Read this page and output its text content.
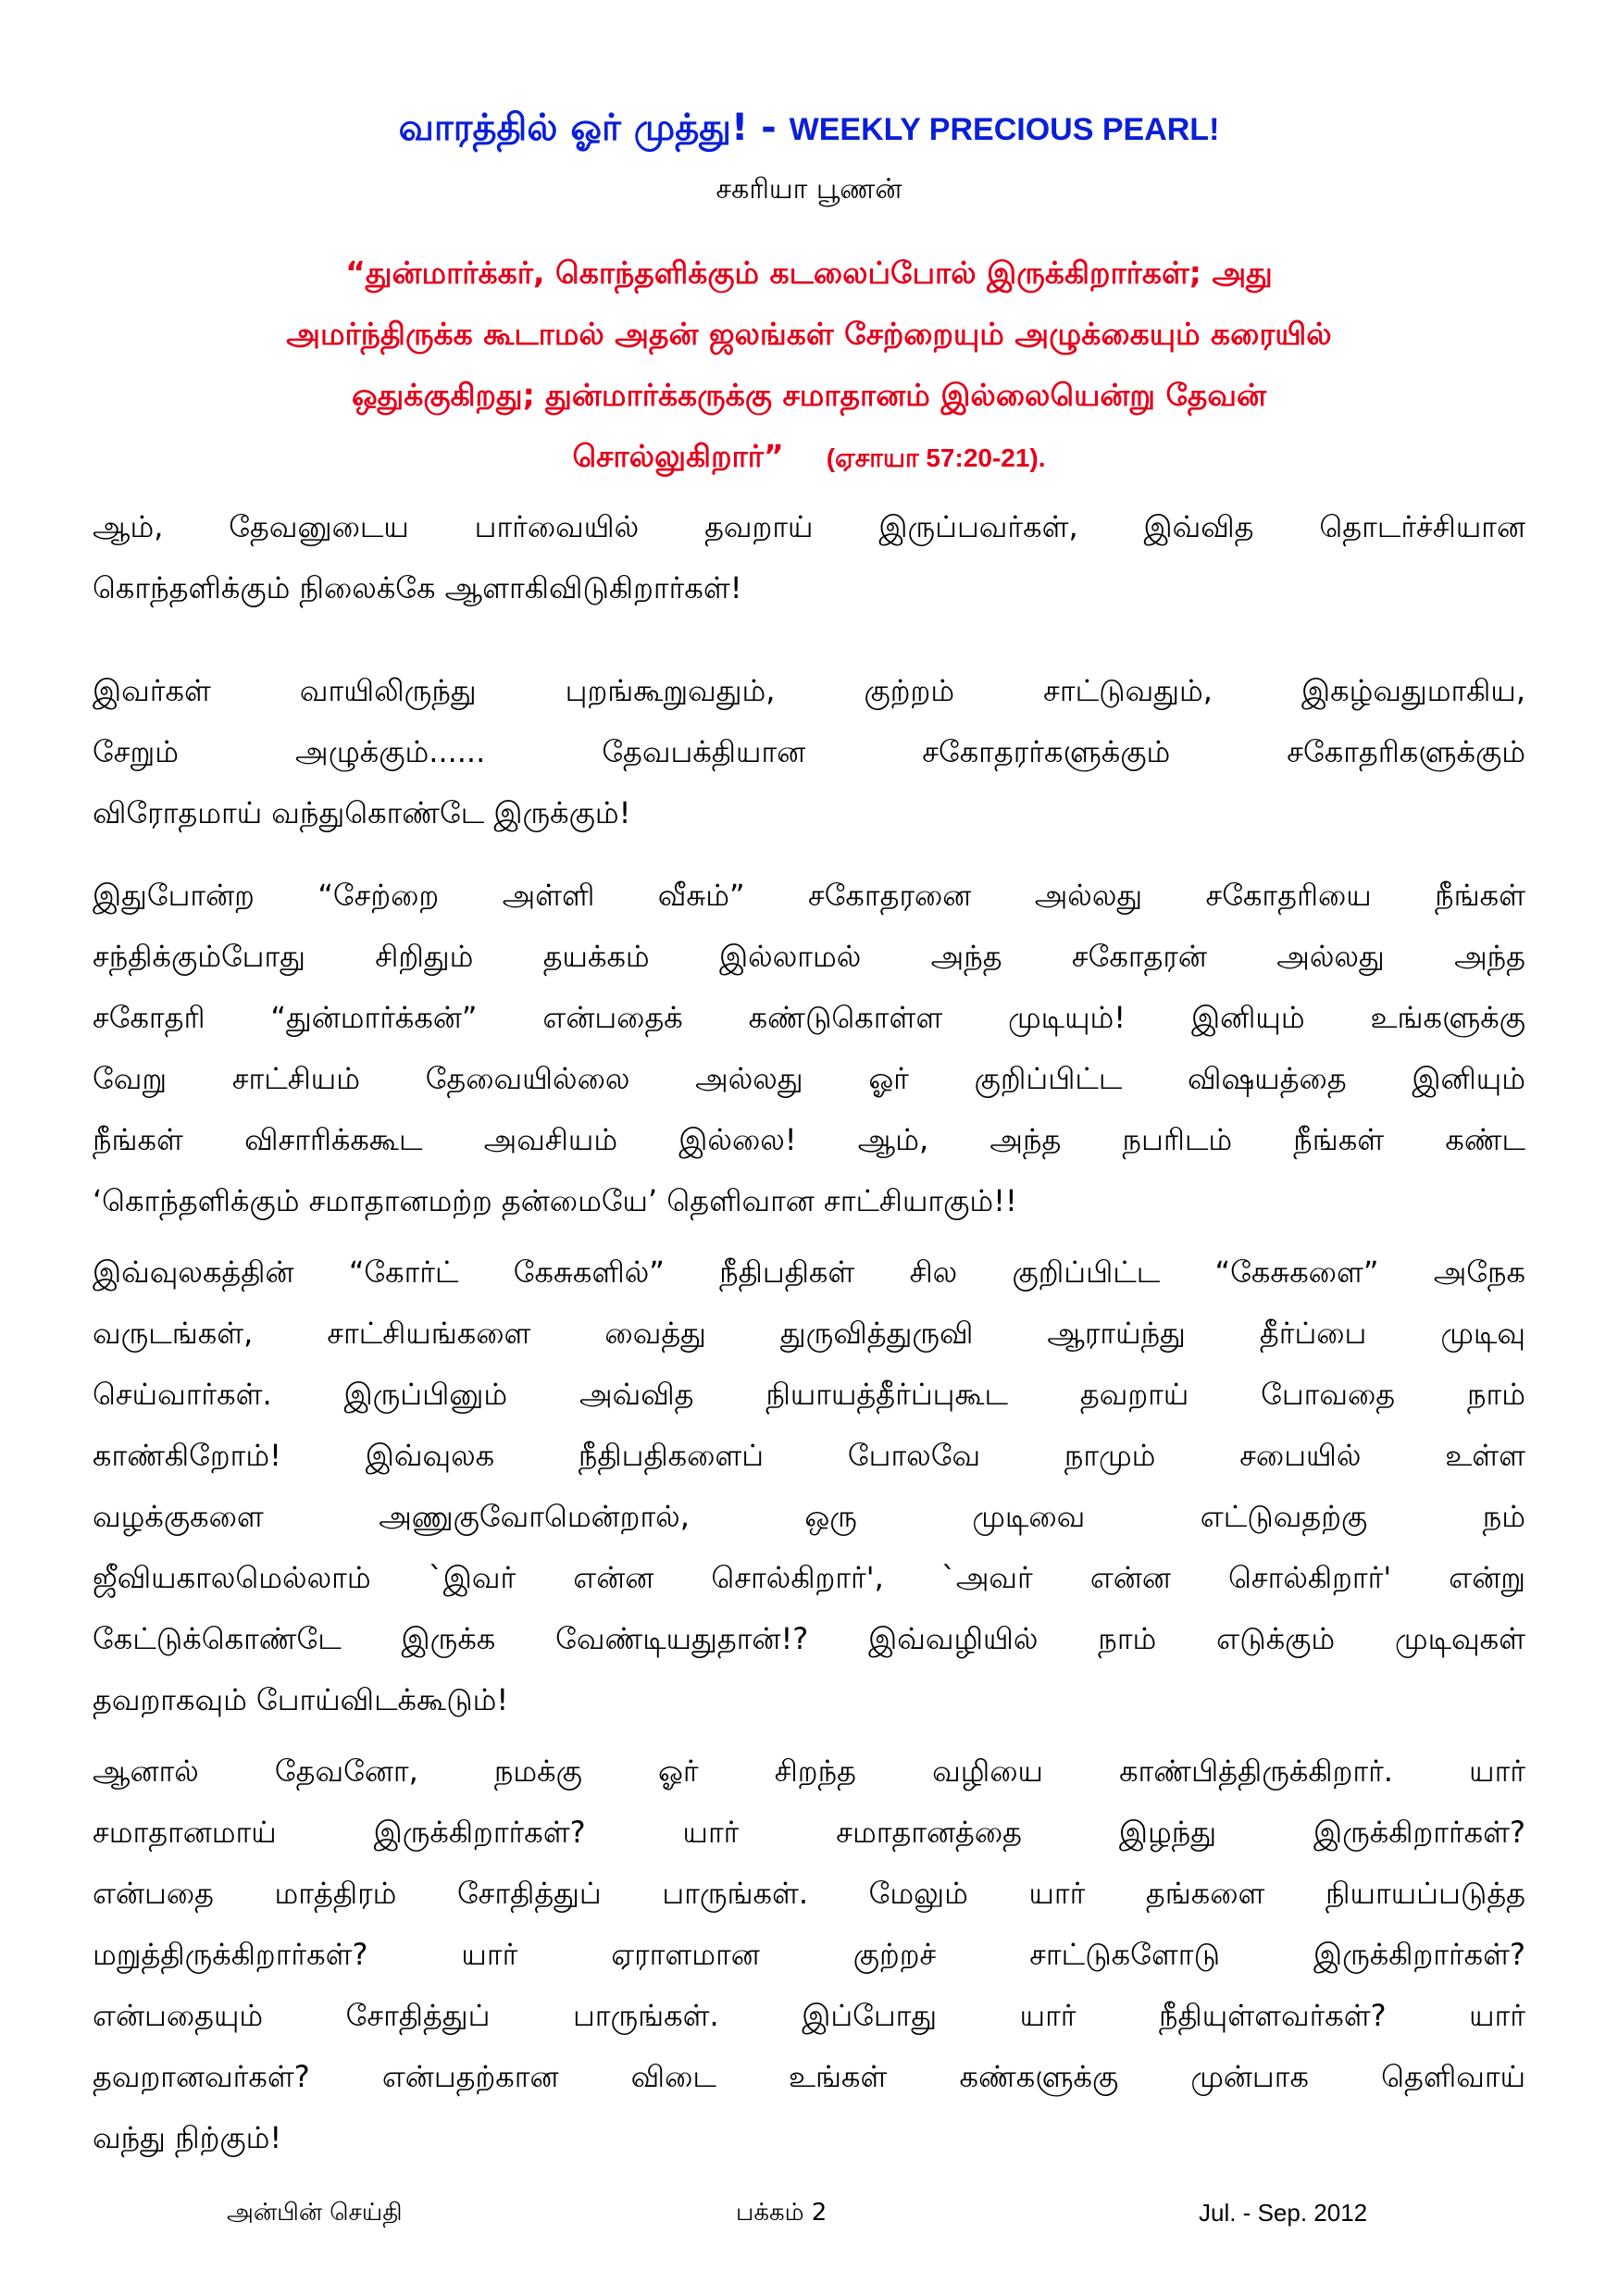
வாரத்தில் ஓர் முத்து! - WEEKLY PRECIOUS PEARL!
சகரியா பூணன்
“துன்மார்க்கர், கொந்தளிக்கும் கடலைப்போல் இருக்கிறார்கள்; அது
அமர்ந்திருக்க கூடாமல் அதன் ஜலங்கள் சேற்றையும் அழுக்கையும் கரையில்
ஒதுக்குகிறது; துன்மார்க்கருக்கு சமாதானம் இல்லையென்று தேவன்
சொல்லுகிறார்” (ஏசாயா 57:20-21).
ஆம், தேவனுடைய பார்வையில் தவறாய் இருப்பவர்கள், இவ்வித தொடர்ச்சியான
கொந்தளிக்கும் நிலைக்கே ஆளாகிவிடுகிறார்கள்!
இவர்கள் வாயிலிருந்து புறங்கூறுவதும், குற்றம் சாட்டுவதும், இகழ்வதுமாகிய,
சேறும் அழுக்கும்...... தேவபக்தியான சகோதரர்களுக்கும் சகோதரிகளுக்கும்
விரோதமாய் வந்துகொண்டே இருக்கும்!
இதுபோன்ற “சேற்றை அள்ளி வீசும்” சகோதரனை அல்லது சகோதரியை நீங்கள்
சந்திக்கும்போது சிறிதும் தயக்கம் இல்லாமல் அந்த சகோதரன் அல்லது அந்த
சகோதரி “துன்மார்க்கன்” என்பதைக் கண்டுகொள்ள முடியும்! இனியும் உங்களுக்கு
வேறு சாட்சியம் தேவையில்லை அல்லது ஓர் குறிப்பிட்ட விஷயத்தை இனியும்
நீங்கள் விசாரிக்ககூட அவசியம் இல்லை! ஆம், அந்த நபரிடம் நீங்கள் கண்ட
‘கொந்தளிக்கும் சமாதானமற்ற தன்மையே’ தெளிவான சாட்சியாகும்!!
இவ்வுலகத்தின் “கோர்ட் கேசுகளில்” நீதிபதிகள் சில குறிப்பிட்ட “கேசுகளை” அநேக
வருடங்கள், சாட்சியங்களை வைத்து துருவித்துருவி ஆராய்ந்து தீர்ப்பை முடிவு
செய்வார்கள். இருப்பினும் அவ்வித நியாயத்தீர்ப்புகூட தவறாய் போவதை நாம்
காண்கிறோம்! இவ்வுலக நீதிபதிகளைப் போலவே நாமும் சபையில் உள்ள
வழக்குகளை அணுகுவோமென்றால், ஒரு முடிவை எட்டுவதற்கு நம்
ஜீவியகாலமெல்லாம் `இவர் என்ன சொல்கிறார்', `அவர் என்ன சொல்கிறார்' என்று
கேட்டுக்கொண்டே இருக்க வேண்டியதுதான்!? இவ்வழியில் நாம் எடுக்கும் முடிவுகள்
தவறாகவும் போய்விடக்கூடும்!
ஆனால் தேவனோ, நமக்கு ஓர் சிறந்த வழியை காண்பித்திருக்கிறார். யார்
சமாதானமாய் இருக்கிறார்கள்? யார் சமாதானத்தை இழந்து இருக்கிறார்கள்?
என்பதை மாத்திரம் சோதித்துப் பாருங்கள். மேலும் யார் தங்களை நியாயப்படுத்த
மறுத்திருக்கிறார்கள்? யார் ஏராளமான குற்றச் சாட்டுகளோடு இருக்கிறார்கள்?
என்பதையும் சோதித்துப் பாருங்கள். இப்போது யார் நீதியுள்ளவர்கள்? யார்
தவறானவர்கள்? என்பதற்கான விடை உங்கள் கண்களுக்கு முன்பாக தெளிவாய்
வந்து நிற்கும்!
அன்பின் செய்தி	பக்கம் 2	Jul. - Sep. 2012
